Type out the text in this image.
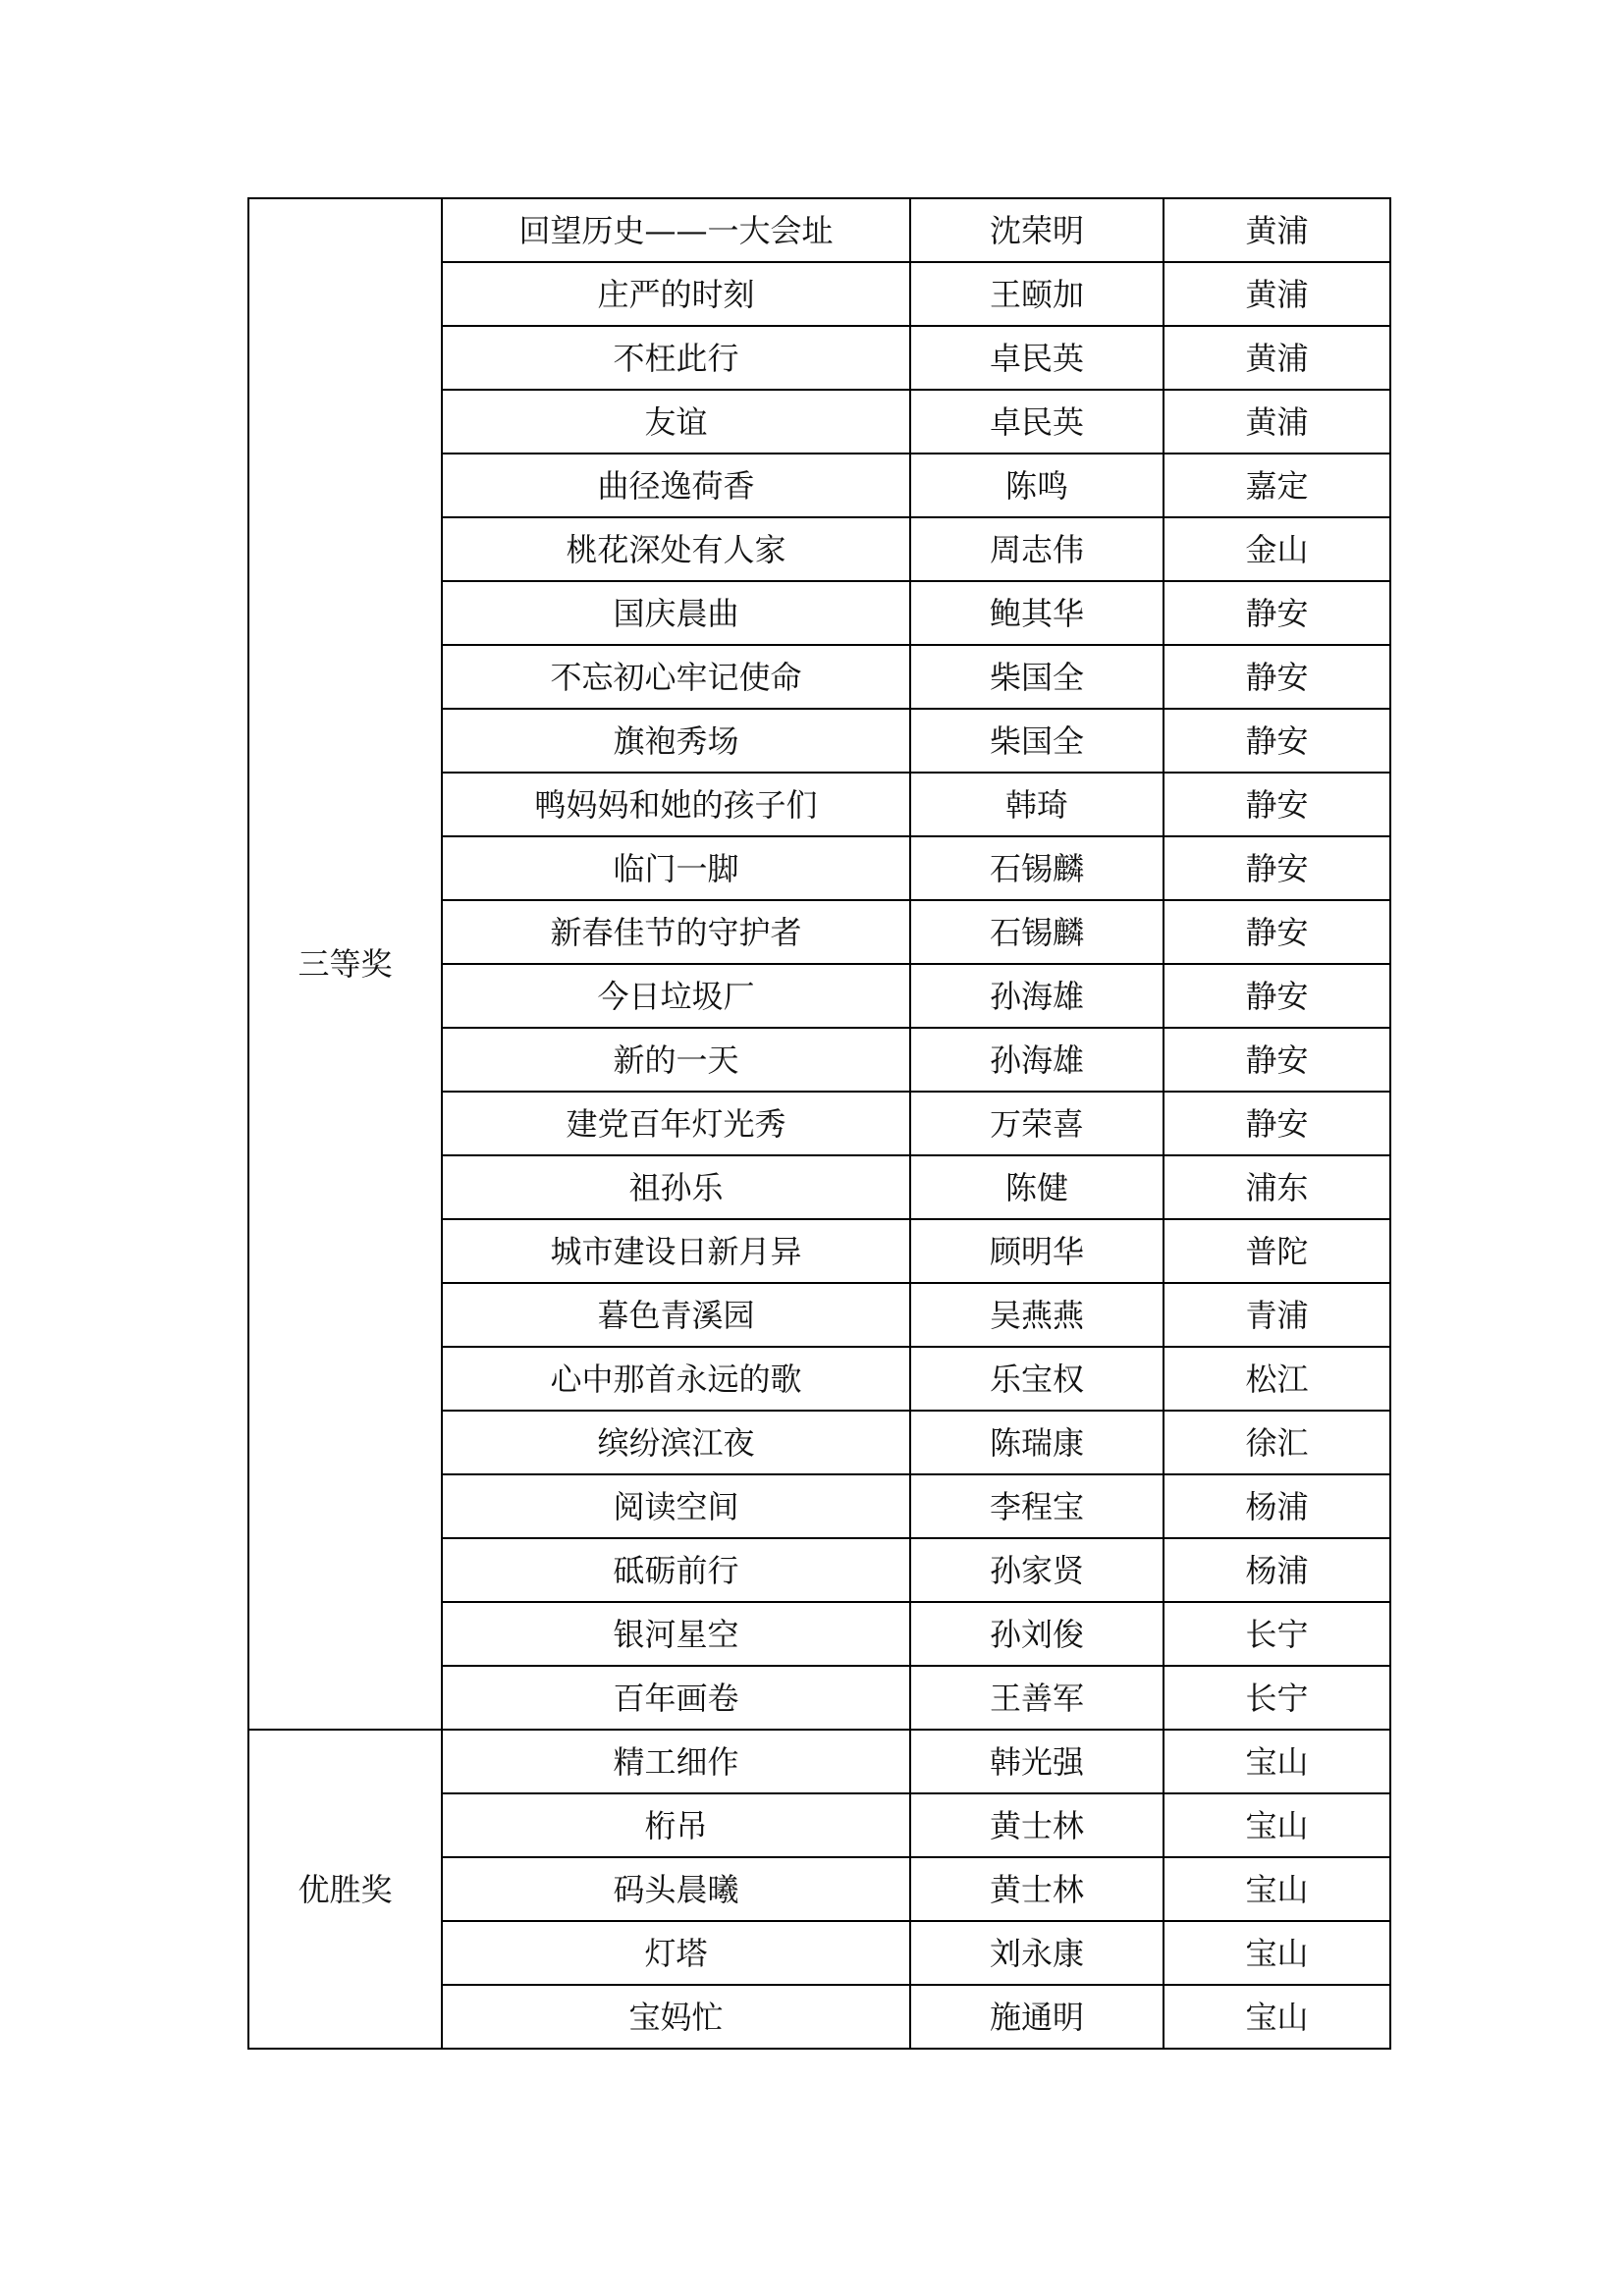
三等奖	回望历史——一大会址	沈荣明	黄浦
	庄严的时刻	王颐加	黄浦
	不枉此行	卓民英	黄浦
	友谊	卓民英	黄浦
	曲径逸荷香	陈鸣	嘉定
	桃花深处有人家	周志伟	金山
	国庆晨曲	鲍其华	静安
	不忘初心牢记使命	柴国全	静安
	旗袍秀场	柴国全	静安
	鸭妈妈和她的孩子们	韩琦	静安
	临门一脚	石锡麟	静安
	新春佳节的守护者	石锡麟	静安
	今日垃圾厂	孙海雄	静安
	新的一天	孙海雄	静安
	建党百年灯光秀	万荣喜	静安
	祖孙乐	陈健	浦东
	城市建设日新月异	顾明华	普陀
	暮色青溪园	吴燕燕	青浦
	心中那首永远的歌	乐宝权	松江
	缤纷滨江夜	陈瑞康	徐汇
	阅读空间	李程宝	杨浦
	砥砺前行	孙家贤	杨浦
	银河星空	孙刘俊	长宁
	百年画卷	王善军	长宁
优胜奖	精工细作	韩光强	宝山
	桁吊	黄士林	宝山
	码头晨曦	黄士林	宝山
	灯塔	刘永康	宝山
	宝妈忙	施通明	宝山
